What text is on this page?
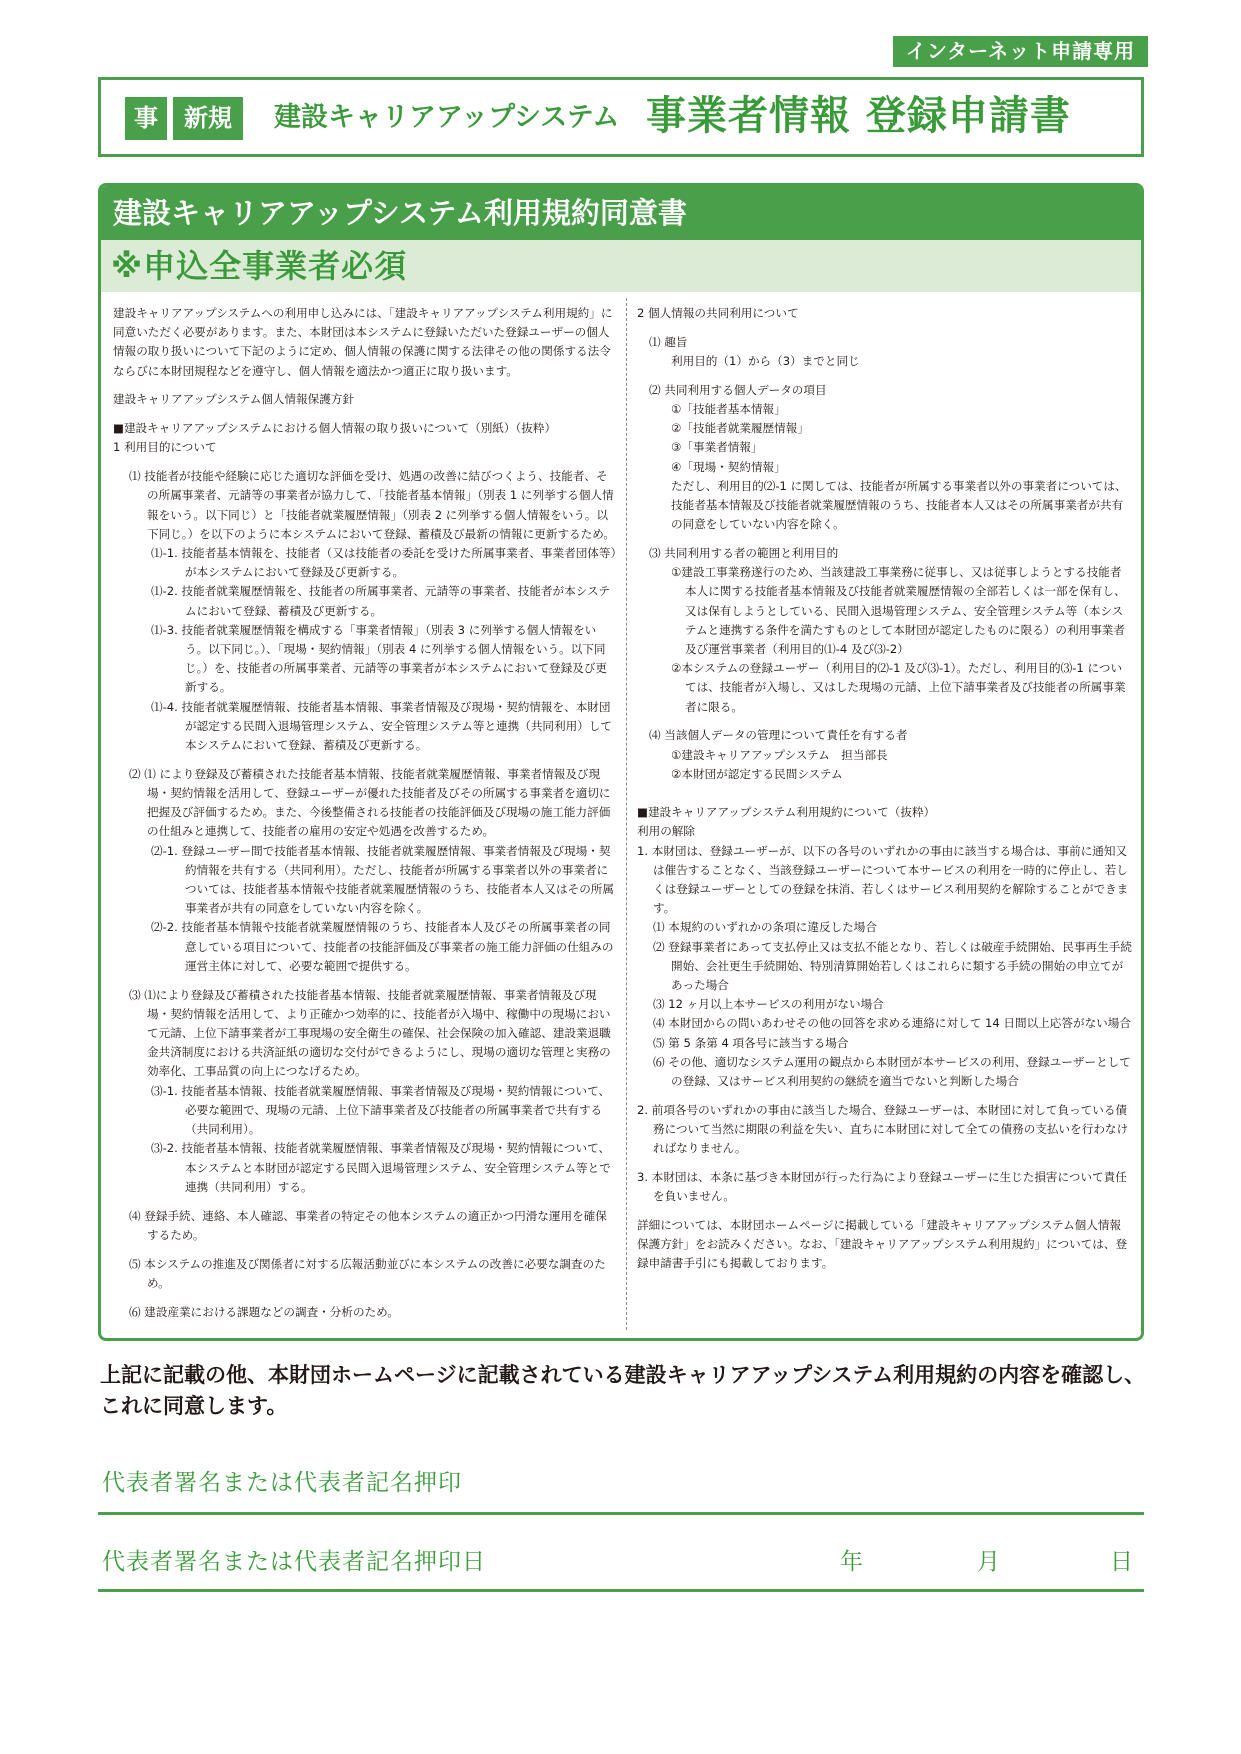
インターネット申請専用
事	新規	建設キャリアアップシステム 事業者情報 登録申請書
建設キャリアアップシステム利用規約同意書
※申込全事業者必須
建設キャリアアップシステムへの利用申し込みには、「建設キャリアアップシステム利用規約」に同意いただく必要があります。また、本財団は本システムに登録いただいた登録ユーザーの個人情報の取り扱いについて下記のように定め、個人情報の保護に関する法律その他の関係する法令ならびに本財団規程などを遵守し、個人情報を適法かつ適正に取り扱います。
建設キャリアアップシステム個人情報保護方針
■建設キャリアアップシステムにおける個人情報の取り扱いについて（別紙）（抜粋）
1 利用目的について
⑴ 技能者が技能や経験に応じた適切な評価を受け、処遇の改善に結びつくよう、技能者、その所属事業者、元請等の事業者が協力して、「技能者基本情報」（別表 1 に列挙する個人情報をいう。以下同じ）と「技能者就業履歴情報」（別表 2 に列挙する個人情報をいう。以下同じ。）を以下のように本システムにおいて登録、蓄積及び最新の情報に更新するため。
⑴-1. 技能者基本情報を、技能者（又は技能者の委託を受けた所属事業者、事業者団体等）が本システムにおいて登録及び更新する。
⑴-2. 技能者就業履歴情報を、技能者の所属事業者、元請等の事業者、技能者が本システムにおいて登録、蓄積及び更新する。
⑴-3. 技能者就業履歴情報を構成する「事業者情報」（別表 3 に列挙する個人情報をいう。以下同じ。）、「現場・契約情報」（別表 4 に列挙する個人情報をいう。以下同じ。）を、技能者の所属事業者、元請等の事業者が本システムにおいて登録及び更新する。
⑴-4. 技能者就業履歴情報、技能者基本情報、事業者情報及び現場・契約情報を、本財団が認定する民間入退場管理システム、安全管理システム等と連携（共同利用）して本システムにおいて登録、蓄積及び更新する。
⑵ ⑴ により登録及び蓄積された技能者基本情報、技能者就業履歴情報、事業者情報及び現場・契約情報を活用して、登録ユーザーが優れた技能者及びその所属する事業者を適切に把握及び評価するため。また、今後整備される技能者の技能評価及び現場の施工能力評価の仕組みと連携して、技能者の雇用の安定や処遇を改善するため。
⑵-1. 登録ユーザー間で技能者基本情報、技能者就業履歴情報、事業者情報及び現場・契約情報を共有する（共同利用）。ただし、技能者が所属する事業者以外の事業者については、技能者基本情報や技能者就業履歴情報のうち、技能者本人又はその所属事業者が共有の同意をしていない内容を除く。
⑵-2. 技能者基本情報や技能者就業履歴情報のうち、技能者本人及びその所属事業者の同意している項目について、技能者の技能評価及び事業者の施工能力評価の仕組みの運営主体に対して、必要な範囲で提供する。
⑶ ⑴により登録及び蓄積された技能者基本情報、技能者就業履歴情報、事業者情報及び現場・契約情報を活用して、より正確かつ効率的に、技能者が入場中、稼働中の現場において元請、上位下請事業者が工事現場の安全衛生の確保、社会保険の加入確認、建設業退職金共済制度における共済証紙の適切な交付ができるようにし、現場の適切な管理と実務の効率化、工事品質の向上につなげるため。
⑶-1. 技能者基本情報、技能者就業履歴情報、事業者情報及び現場・契約情報について、必要な範囲で、現場の元請、上位下請事業者及び技能者の所属事業者で共有する（共同利用）。
⑶-2. 技能者基本情報、技能者就業履歴情報、事業者情報及び現場・契約情報について、本システムと本財団が認定する民間入退場管理システム、安全管理システム等とで連携（共同利用）する。
⑷ 登録手続、連絡、本人確認、事業者の特定その他本システムの適正かつ円滑な運用を確保するため。
⑸ 本システムの推進及び関係者に対する広報活動並びに本システムの改善に必要な調査のため。
⑹ 建設産業における課題などの調査・分析のため。
2 個人情報の共同利用について
⑴ 趣旨
利用目的（1）から（3）までと同じ
⑵ 共同利用する個人データの項目
①「技能者基本情報」
②「技能者就業履歴情報」
③「事業者情報」
④「現場・契約情報」
ただし、利用目的⑵-1 に関しては、技能者が所属する事業者以外の事業者については、技能者基本情報及び技能者就業履歴情報のうち、技能者本人又はその所属事業者が共有の同意をしていない内容を除く。
⑶ 共同利用する者の範囲と利用目的
①建設工事業務遂行のため、当該建設工事業務に従事し、又は従事しようとする技能者本人に関する技能者基本情報及び技能者就業履歴情報の全部若しくは一部を保有し、又は保有しようとしている、民間入退場管理システム、安全管理システム等（本システムと連携する条件を満たすものとして本財団が認定したものに限る）の利用事業者及び運営事業者（利用目的⑴-4 及び⑶-2）
②本システムの登録ユーザー（利用目的⑵-1 及び⑶-1）。ただし、利用目的⑶-1 については、技能者が入場し、又はした現場の元請、上位下請事業者及び技能者の所属事業者に限る。
⑷ 当該個人データの管理について責任を有する者
①建設キャリアアップシステム　担当部長
②本財団が認定する民間システム
■建設キャリアアップシステム利用規約について（抜粋）
利用の解除
1. 本財団は、登録ユーザーが、以下の各号のいずれかの事由に該当する場合は、事前に通知又は催告することなく、当該登録ユーザーについて本サービスの利用を一時的に停止し、若しくは登録ユーザーとしての登録を抹消、若しくはサービス利用契約を解除することができます。
⑴ 本規約のいずれかの条項に違反した場合
⑵ 登録事業者にあって支払停止又は支払不能となり、若しくは破産手続開始、民事再生手続開始、会社更生手続開始、特別清算開始若しくはこれらに類する手続の開始の申立てがあった場合
⑶ 12 ヶ月以上本サービスの利用がない場合
⑷ 本財団からの問いあわせその他の回答を求める連絡に対して 14 日間以上応答がない場合
⑸ 第 5 条第 4 項各号に該当する場合
⑹ その他、適切なシステム運用の観点から本財団が本サービスの利用、登録ユーザーとしての登録、又はサービス利用契約の継続を適当でないと判断した場合
2. 前項各号のいずれかの事由に該当した場合、登録ユーザーは、本財団に対して負っている債務について当然に期限の利益を失い、直ちに本財団に対して全ての債務の支払いを行わなければなりません。
3. 本財団は、本条に基づき本財団が行った行為により登録ユーザーに生じた損害について責任を負いません。
詳細については、本財団ホームページに掲載している「建設キャリアアップシステム個人情報保護方針」をお読みください。なお、「建設キャリアアップシステム利用規約」については、登録申請書手引にも掲載しております。
上記に記載の他、本財団ホームページに記載されている建設キャリアアップシステム利用規約の内容を確認し、これに同意します。
代表者署名または代表者記名押印
代表者署名または代表者記名押印日	年	月	日
